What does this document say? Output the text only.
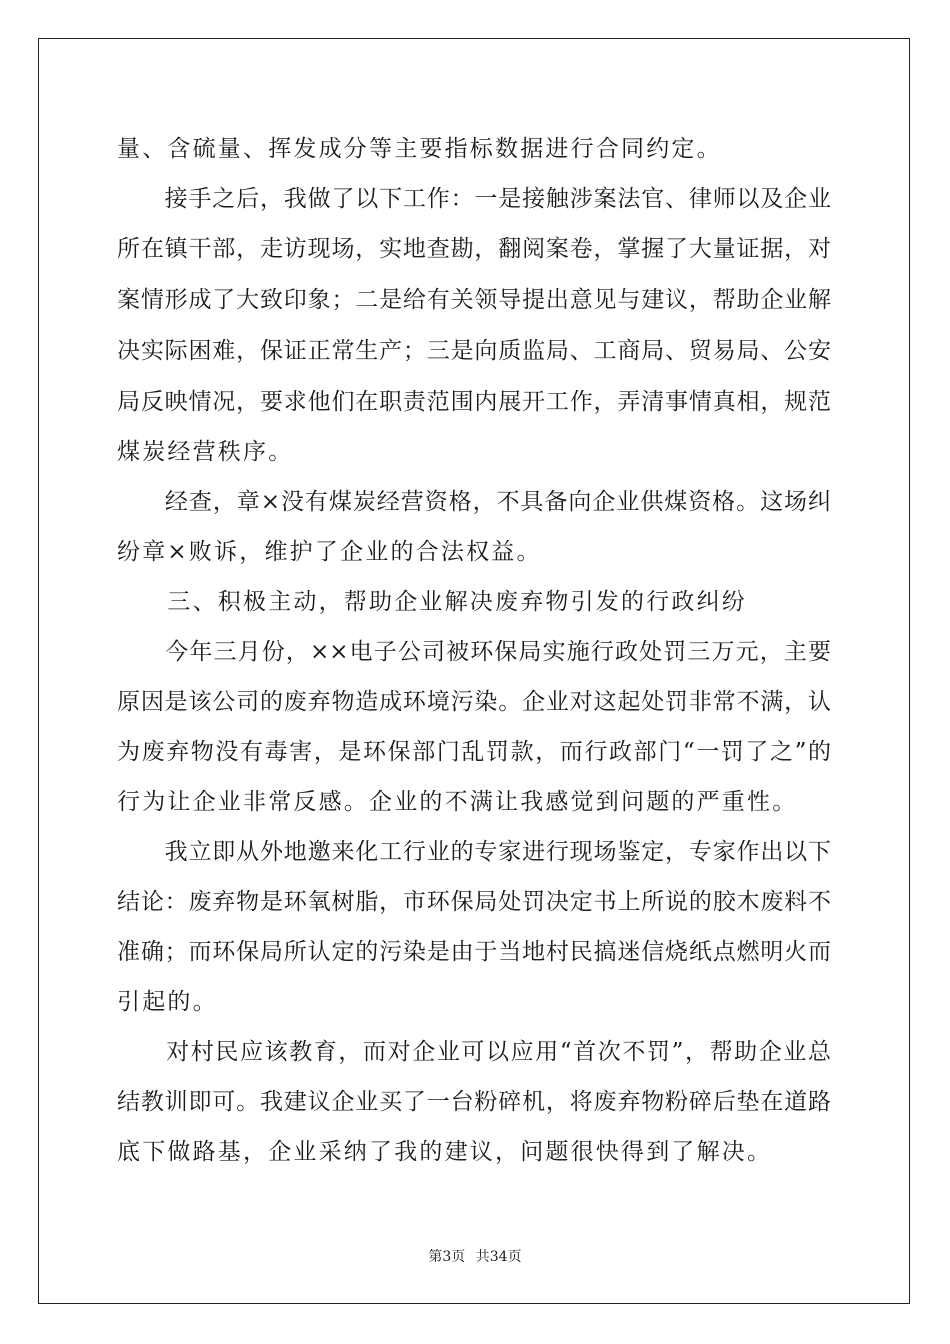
量、含硫量、挥发成分等主要指标数据进行合同约定。
　　接手之后，我做了以下工作：一是接触涉案法官、律师以及企业
所在镇干部，走访现场，实地查勘，翻阅案卷，掌握了大量证据，对
案情形成了大致印象；二是给有关领导提出意见与建议，帮助企业解
决实际困难，保证正常生产；三是向质监局、工商局、贸易局、公安
局反映情况，要求他们在职责范围内展开工作，弄清事情真相，规范
煤炭经营秩序。
　　经查，章×没有煤炭经营资格，不具备向企业供煤资格。这场纠
纷章×败诉，维护了企业的合法权益。
　　三、积极主动，帮助企业解决废弃物引发的行政纠纷
　　今年三月份，××电子公司被环保局实施行政处罚三万元，主要
原因是该公司的废弃物造成环境污染。企业对这起处罚非常不满，认
为废弃物没有毒害，是环保部门乱罚款，而行政部门“一罚了之”的
行为让企业非常反感。企业的不满让我感觉到问题的严重性。
　　我立即从外地邀来化工行业的专家进行现场鉴定，专家作出以下
结论：废弃物是环氧树脂，市环保局处罚决定书上所说的胶木废料不
准确；而环保局所认定的污染是由于当地村民搞迷信烧纸点燃明火而
引起的。
　　对村民应该教育，而对企业可以应用“首次不罚”，帮助企业总
结教训即可。我建议企业买了一台粉碎机，将废弃物粉碎后垫在道路
底下做路基，企业采纳了我的建议，问题很快得到了解决。
第3页 共34页
